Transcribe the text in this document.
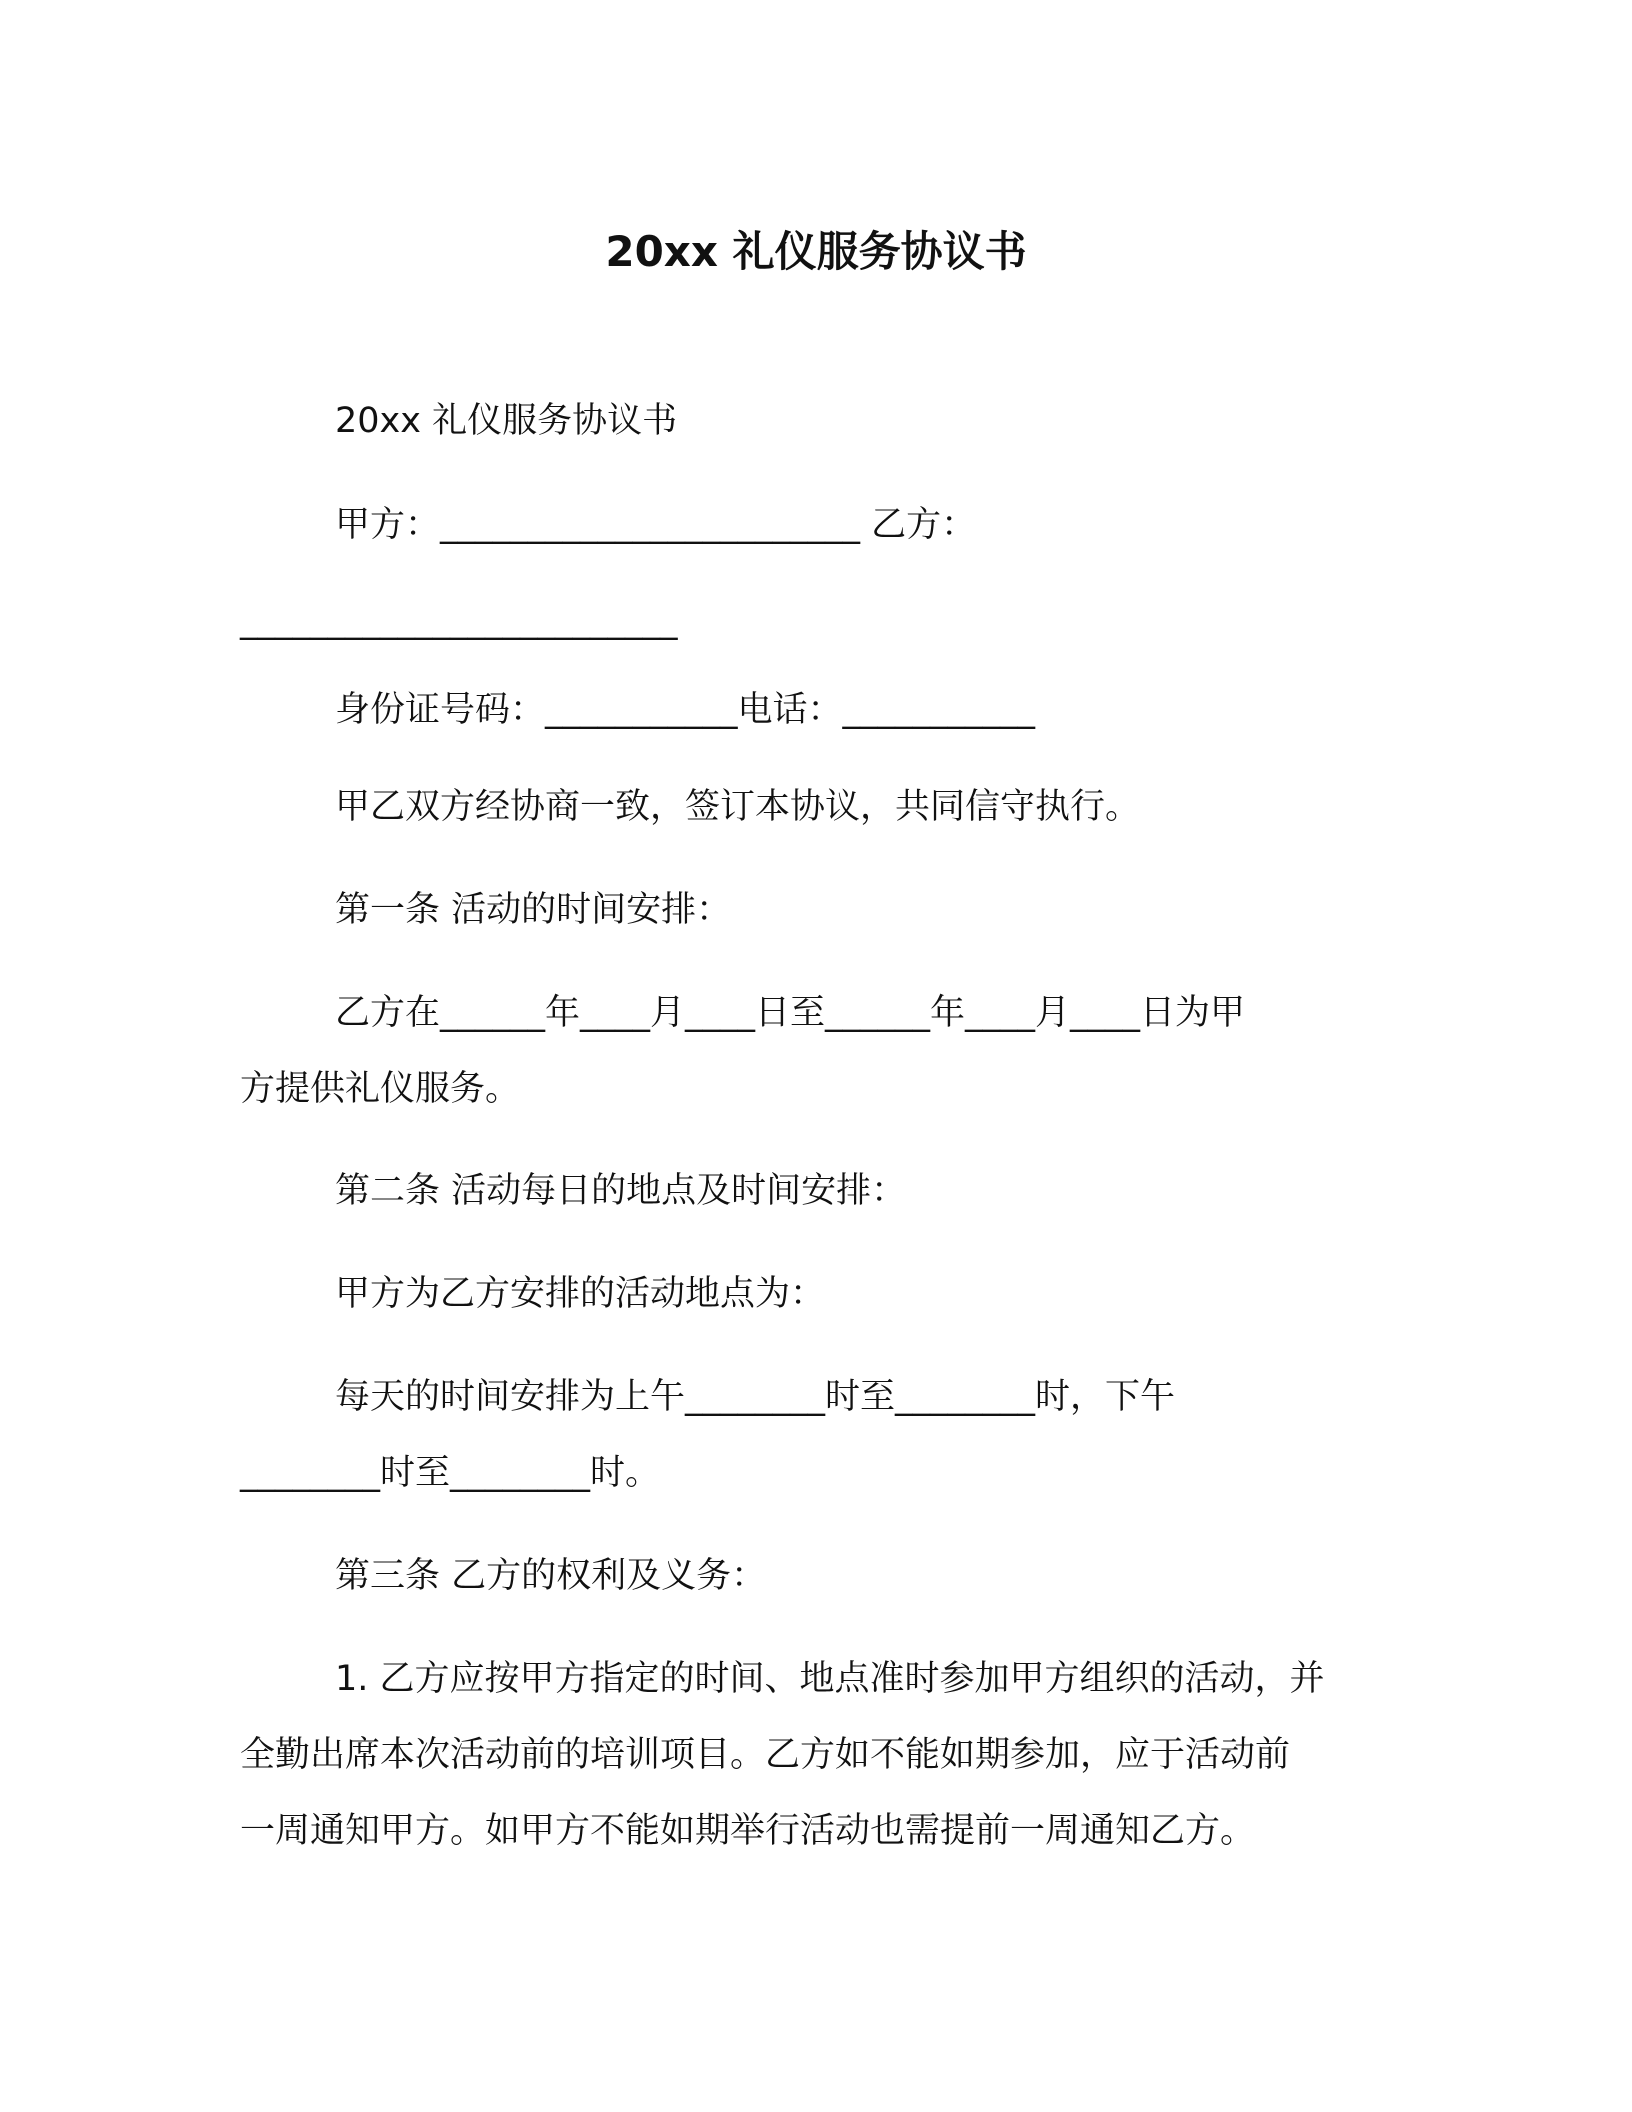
20xx 礼仪服务协议书
20xx 礼仪服务协议书
甲方：________________________ 乙方：
_________________________
身份证号码：___________电话：___________
甲乙双方经协商一致，签订本协议，共同信守执行。
第一条 活动的时间安排：
乙方在______年____月____日至______年____月____日为甲
方提供礼仪服务。
第二条 活动每日的地点及时间安排：
甲方为乙方安排的活动地点为：
每天的时间安排为上午________时至________时，下午
________时至________时。
第三条 乙方的权利及义务：
1. 乙方应按甲方指定的时间、地点准时参加甲方组织的活动，并
全勤出席本次活动前的培训项目。乙方如不能如期参加，应于活动前
一周通知甲方。如甲方不能如期举行活动也需提前一周通知乙方。
